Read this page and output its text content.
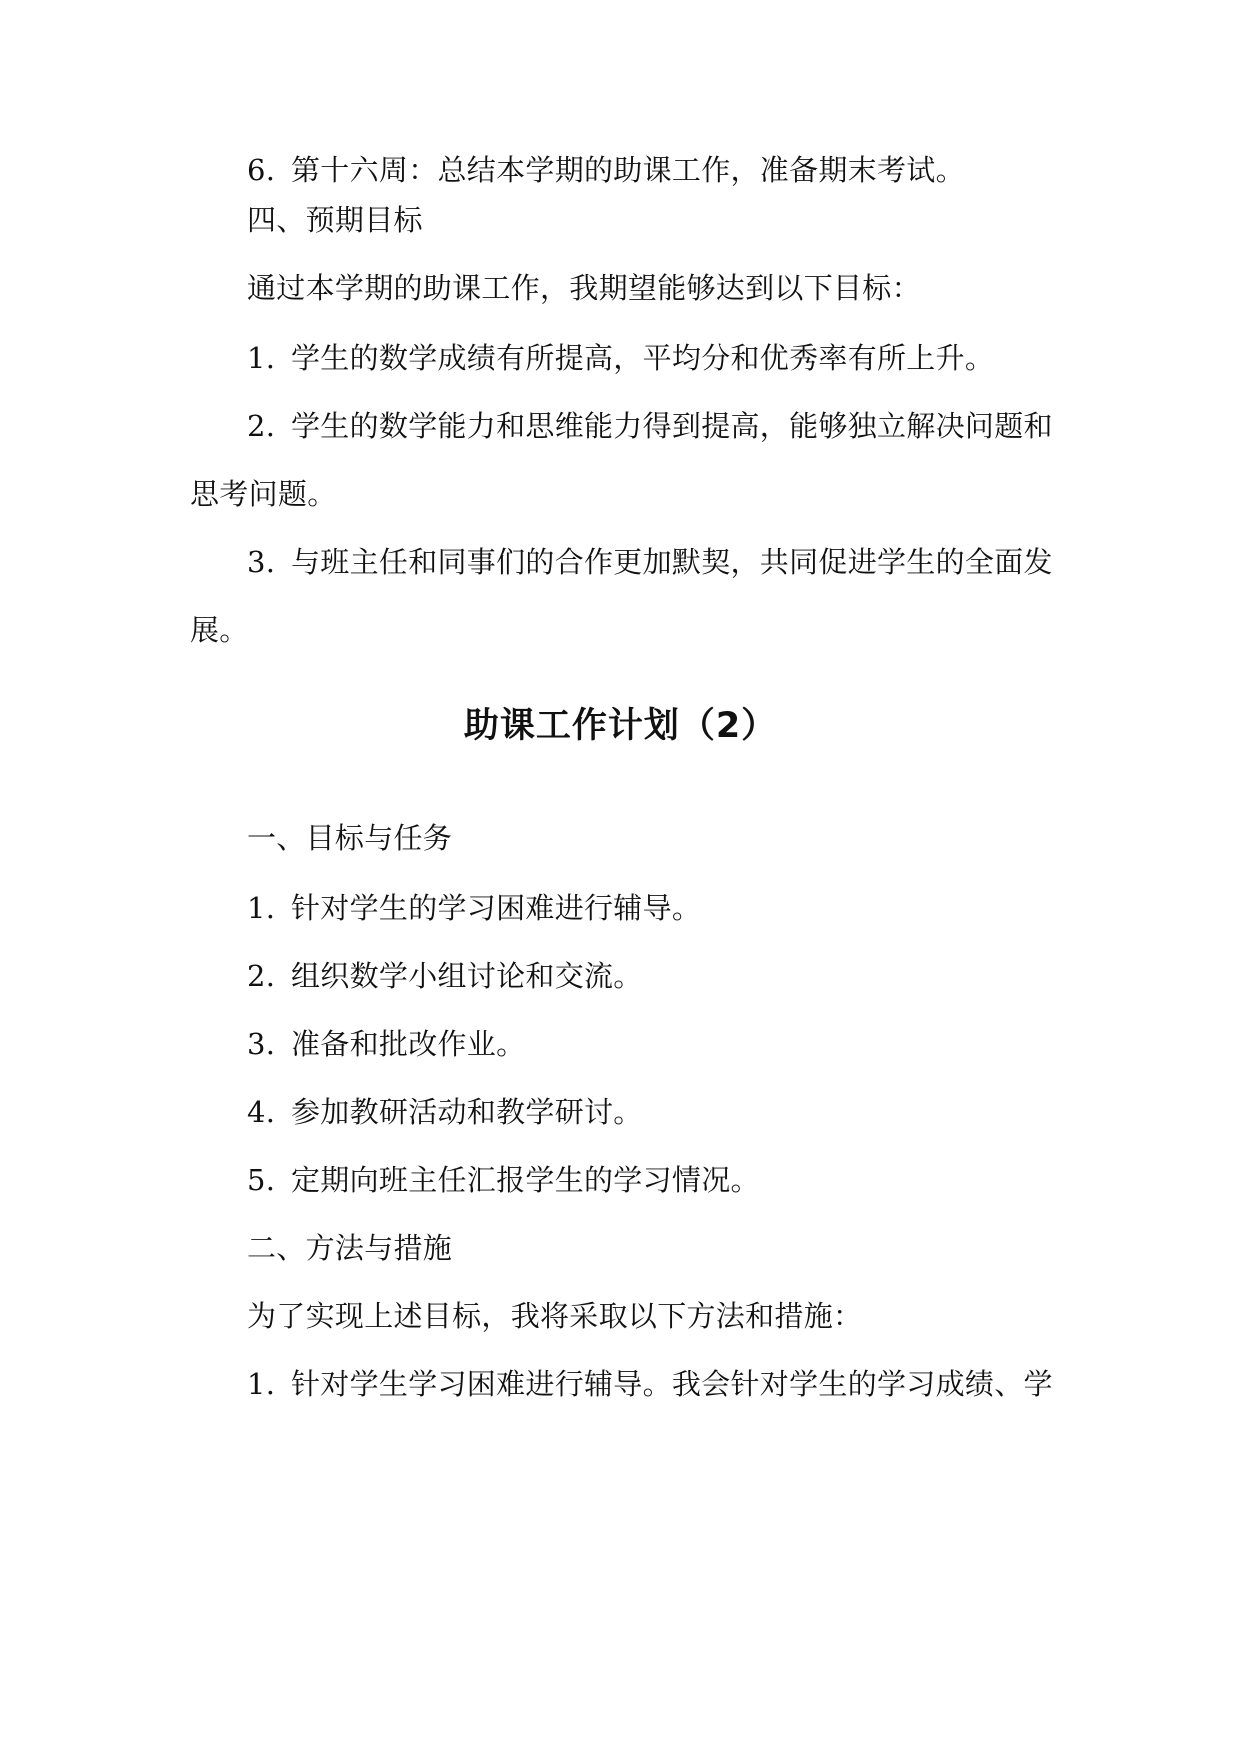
6. 第十六周：总结本学期的助课工作，准备期末考试。
四、预期目标
通过本学期的助课工作，我期望能够达到以下目标：
1. 学生的数学成绩有所提高，平均分和优秀率有所上升。
2. 学生的数学能力和思维能力得到提高，能够独立解决问题和
思考问题。
3. 与班主任和同事们的合作更加默契，共同促进学生的全面发
展。
助课工作计划（2）
一、目标与任务
1. 针对学生的学习困难进行辅导。
2. 组织数学小组讨论和交流。
3. 准备和批改作业。
4. 参加教研活动和教学研讨。
5. 定期向班主任汇报学生的学习情况。
二、方法与措施
为了实现上述目标，我将采取以下方法和措施：
1. 针对学生学习困难进行辅导。我会针对学生的学习成绩、学
